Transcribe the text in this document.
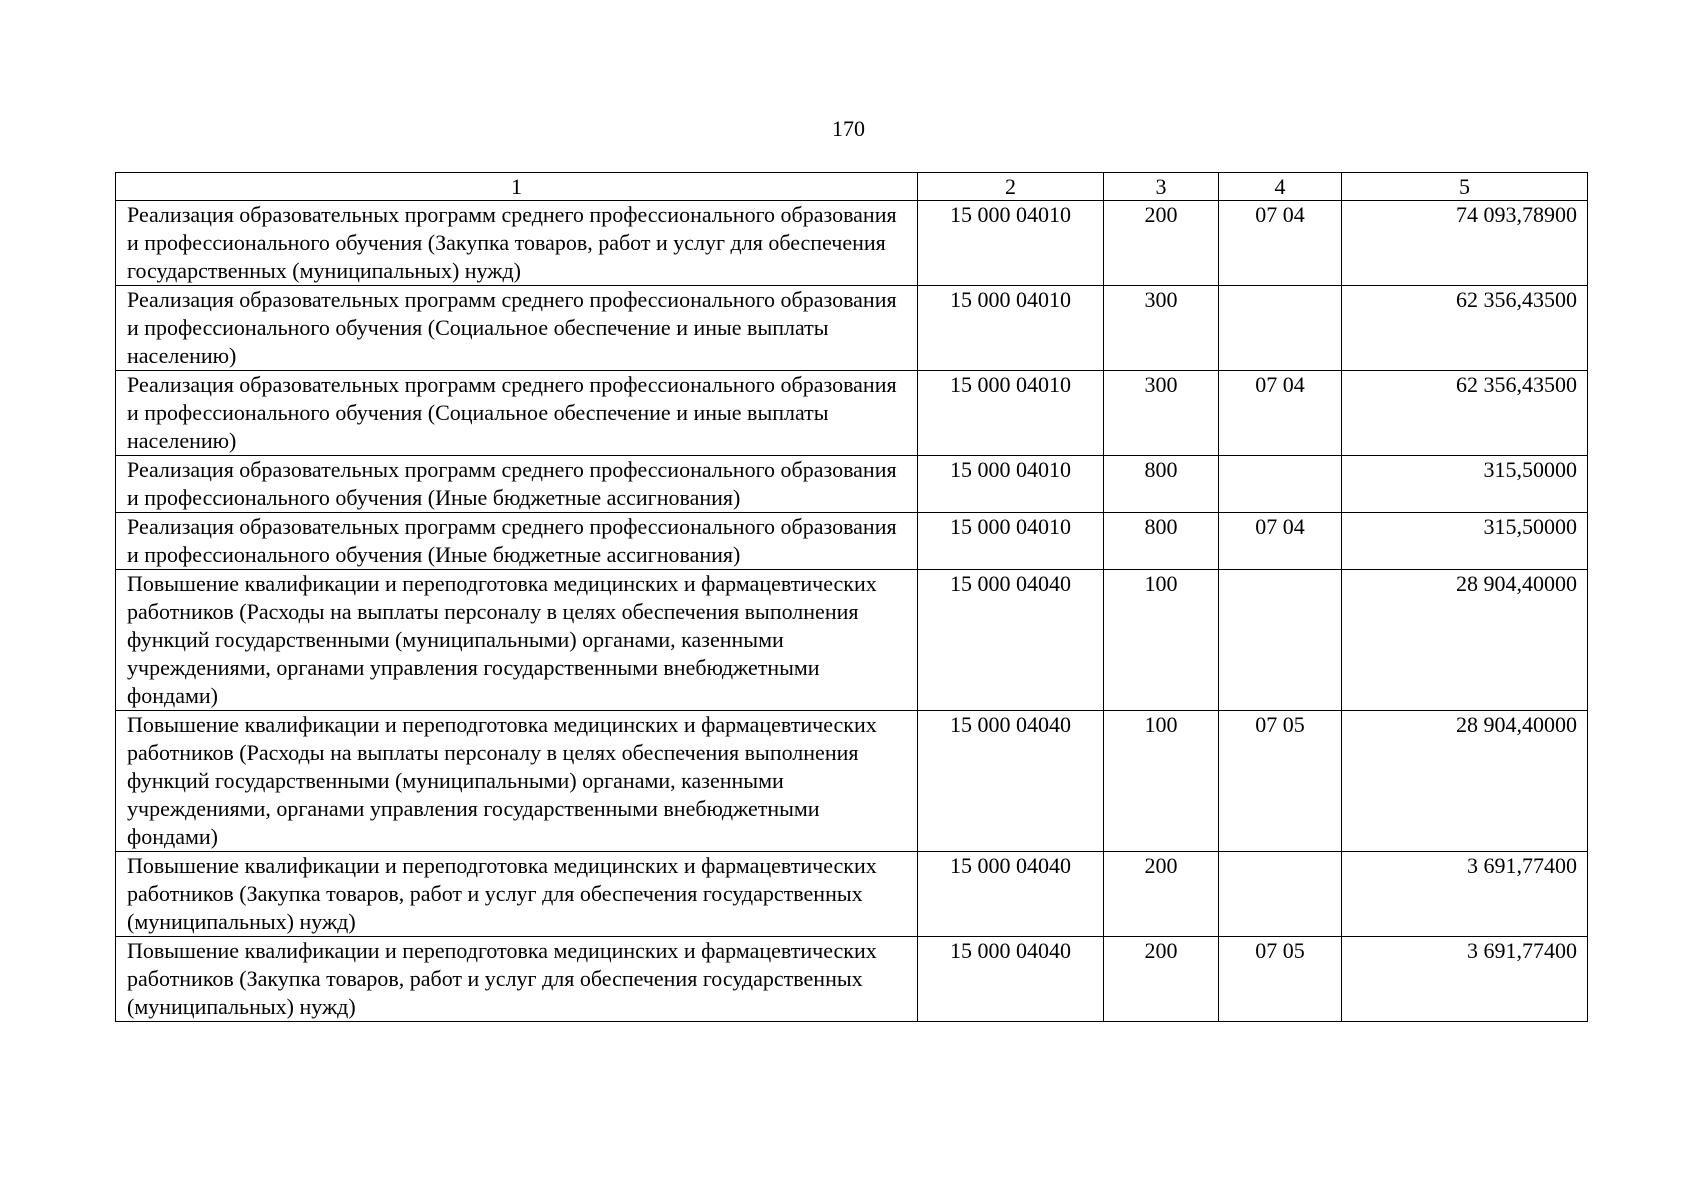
170
1	2	3	4	5
Реализация образовательных программ среднего профессионального образования и профессионального обучения (Закупка товаров, работ и услуг для обеспечения государственных (муниципальных) нужд)	15 000 04010	200	07 04	74 093,78900
Реализация образовательных программ среднего профессионального образования и профессионального обучения (Социальное обеспечение и иные выплаты населению)	15 000 04010	300		62 356,43500
Реализация образовательных программ среднего профессионального образования и профессионального обучения (Социальное обеспечение и иные выплаты населению)	15 000 04010	300	07 04	62 356,43500
Реализация образовательных программ среднего профессионального образования и профессионального обучения (Иные бюджетные ассигнования)	15 000 04010	800		315,50000
Реализация образовательных программ среднего профессионального образования и профессионального обучения (Иные бюджетные ассигнования)	15 000 04010	800	07 04	315,50000
Повышение квалификации и переподготовка медицинских и фармацевтических работников (Расходы на выплаты персоналу в целях обеспечения выполнения функций государственными (муниципальными) органами, казенными учреждениями, органами управления государственными внебюджетными фондами)	15 000 04040	100		28 904,40000
Повышение квалификации и переподготовка медицинских и фармацевтических работников (Расходы на выплаты персоналу в целях обеспечения выполнения функций государственными (муниципальными) органами, казенными учреждениями, органами управления государственными внебюджетными фондами)	15 000 04040	100	07 05	28 904,40000
Повышение квалификации и переподготовка медицинских и фармацевтических работников (Закупка товаров, работ и услуг для обеспечения государственных (муниципальных) нужд)	15 000 04040	200		3 691,77400
Повышение квалификации и переподготовка медицинских и фармацевтических работников (Закупка товаров, работ и услуг для обеспечения государственных (муниципальных) нужд)	15 000 04040	200	07 05	3 691,77400
